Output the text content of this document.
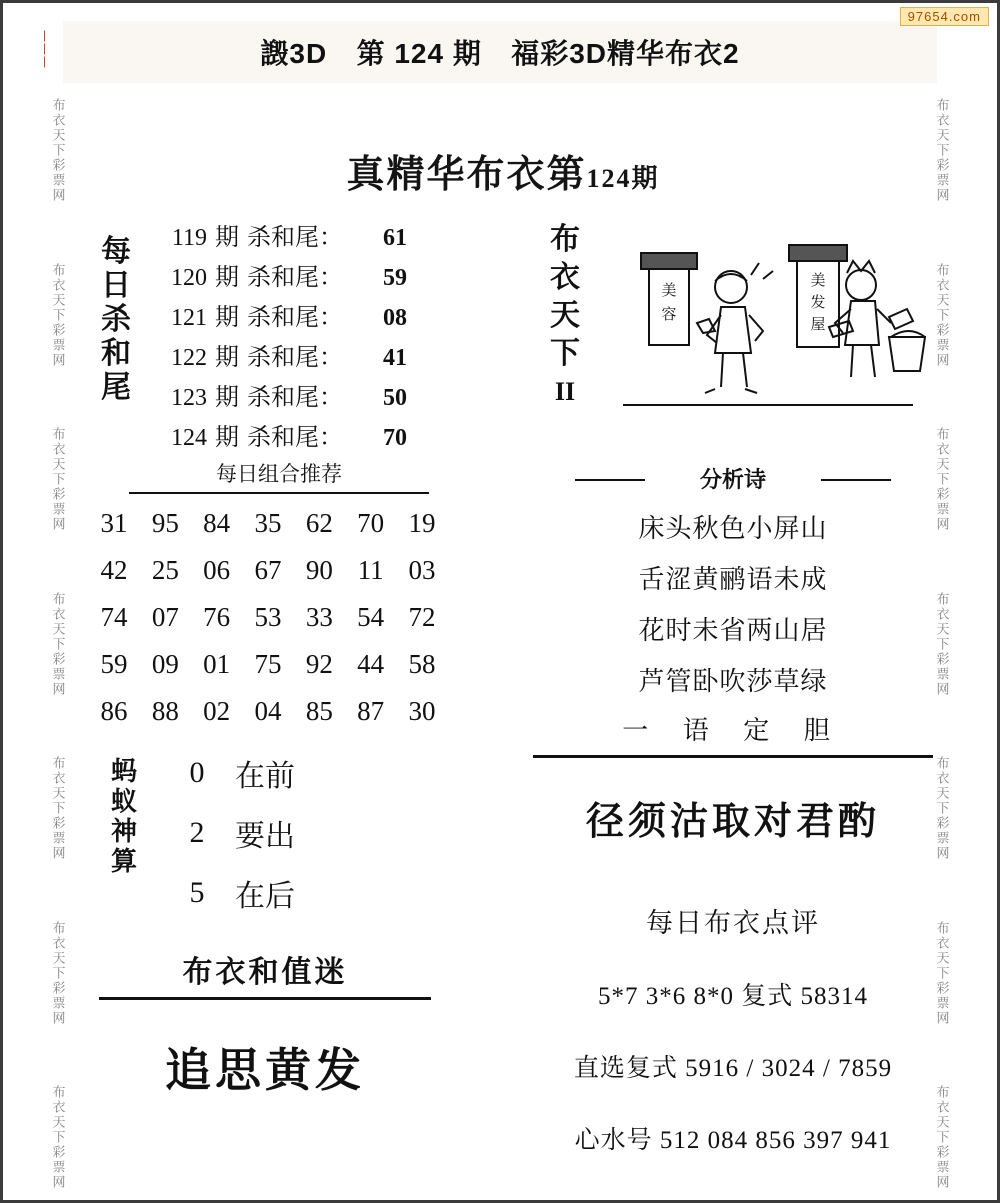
97654.com
|
|
|
布衣天下彩票网
布衣天下彩票网
布衣天下彩票网
布衣天下彩票网
布衣天下彩票网
布衣天下彩票网
布衣天下彩票网
布衣天下彩票网
布衣天下彩票网
布衣天下彩票网
布衣天下彩票网
布衣天下彩票网
布衣天下彩票网
布衣天下彩票网
譭3D 第 124 期 福彩3D精华布衣2
真精华布衣第124期
每日杀和尾
119 期 杀和尾：	61
120 期 杀和尾：	59
121 期 杀和尾：	08
122 期 杀和尾：	41
123 期 杀和尾：	50
124 期 杀和尾：	70
每日组合推荐
31 95 84 35 62 70 19
42 25 06 67 90 11 03
74 07 76 53 33 54 72
59 09 01 75 92 44 58
86 88 02 04 85 87 30
蚂蚁神算
0	在前
2	要出
5	在后
布衣和值迷
追思黄发
布衣天下
II
美
容
美
发
屋
分析诗
床头秋色小屏山
舌涩黄鹂语未成
花时未省两山居
芦管卧吹莎草绿
一 语 定 胆
径须沽取对君酌
每日布衣点评
5*7 3*6 8*0 复式 58314
直选复式 5916 / 3024 / 7859
心水号 512 084 856 397 941
